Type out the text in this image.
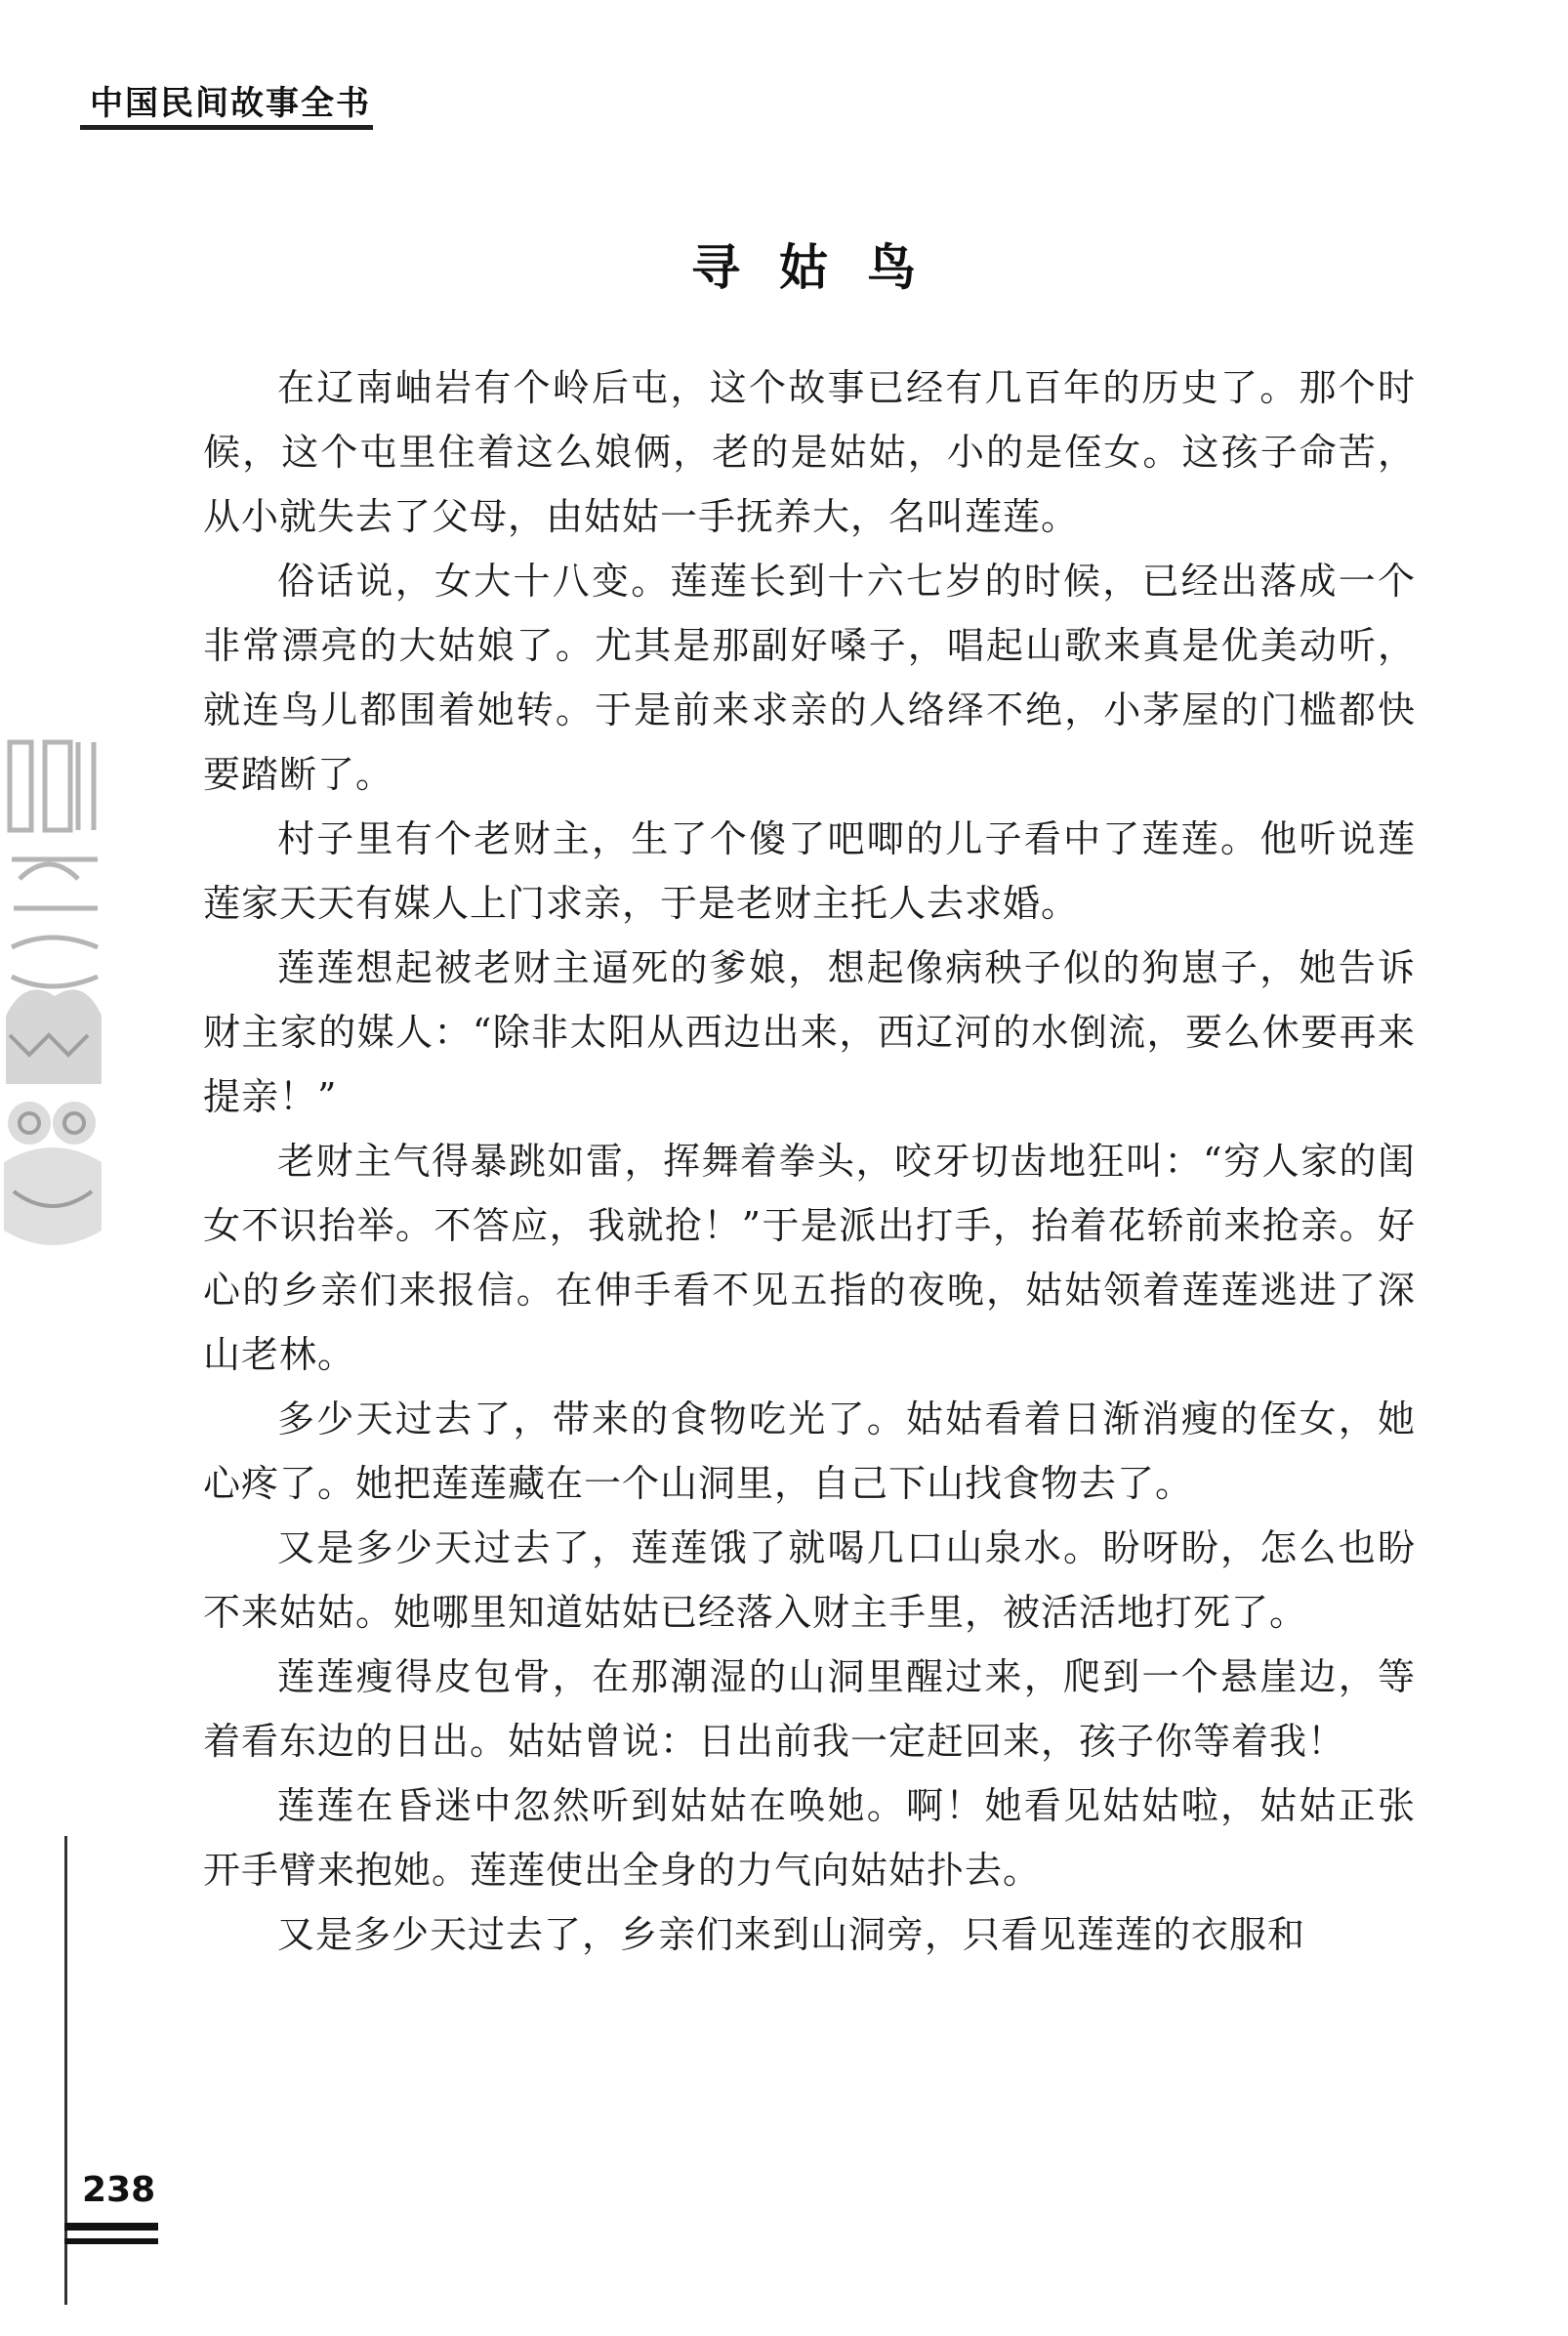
中国民间故事全书
寻姑鸟

在辽南岫岩有个岭后屯，这个故事已经有几百年的历史了。那个时候，这个屯里住着这么娘俩，老的是姑姑，小的是侄女。这孩子命苦，从小就失去了父母，由姑姑一手抚养大，名叫莲莲。

俗话说，女大十八变。莲莲长到十六七岁的时候，已经出落成一个非常漂亮的大姑娘了。尤其是那副好嗓子，唱起山歌来真是优美动听，就连鸟儿都围着她转。于是前来求亲的人络绎不绝，小茅屋的门槛都快要踏断了。

村子里有个老财主，生了个傻了吧唧的儿子看中了莲莲。他听说莲莲家天天有媒人上门求亲，于是老财主托人去求婚。

莲莲想起被老财主逼死的爹娘，想起像病秧子似的狗崽子，她告诉财主家的媒人：“除非太阳从西边出来，西辽河的水倒流，要么休要再来提亲！”

老财主气得暴跳如雷，挥舞着拳头，咬牙切齿地狂叫：“穷人家的闺女不识抬举。不答应，我就抢！”于是派出打手，抬着花轿前来抢亲。好心的乡亲们来报信。在伸手看不见五指的夜晚，姑姑领着莲莲逃进了深山老林。

多少天过去了，带来的食物吃光了。姑姑看着日渐消瘦的侄女，她心疼了。她把莲莲藏在一个山洞里，自己下山找食物去了。

又是多少天过去了，莲莲饿了就喝几口山泉水。盼呀盼，怎么也盼不来姑姑。她哪里知道姑姑已经落入财主手里，被活活地打死了。

莲莲瘦得皮包骨，在那潮湿的山洞里醒过来，爬到一个悬崖边，等着看东边的日出。姑姑曾说：日出前我一定赶回来，孩子你等着我！

莲莲在昏迷中忽然听到姑姑在唤她。啊！她看见姑姑啦，姑姑正张开手臂来抱她。莲莲使出全身的力气向姑姑扑去。

又是多少天过去了，乡亲们来到山洞旁，只看见莲莲的衣服和

238
